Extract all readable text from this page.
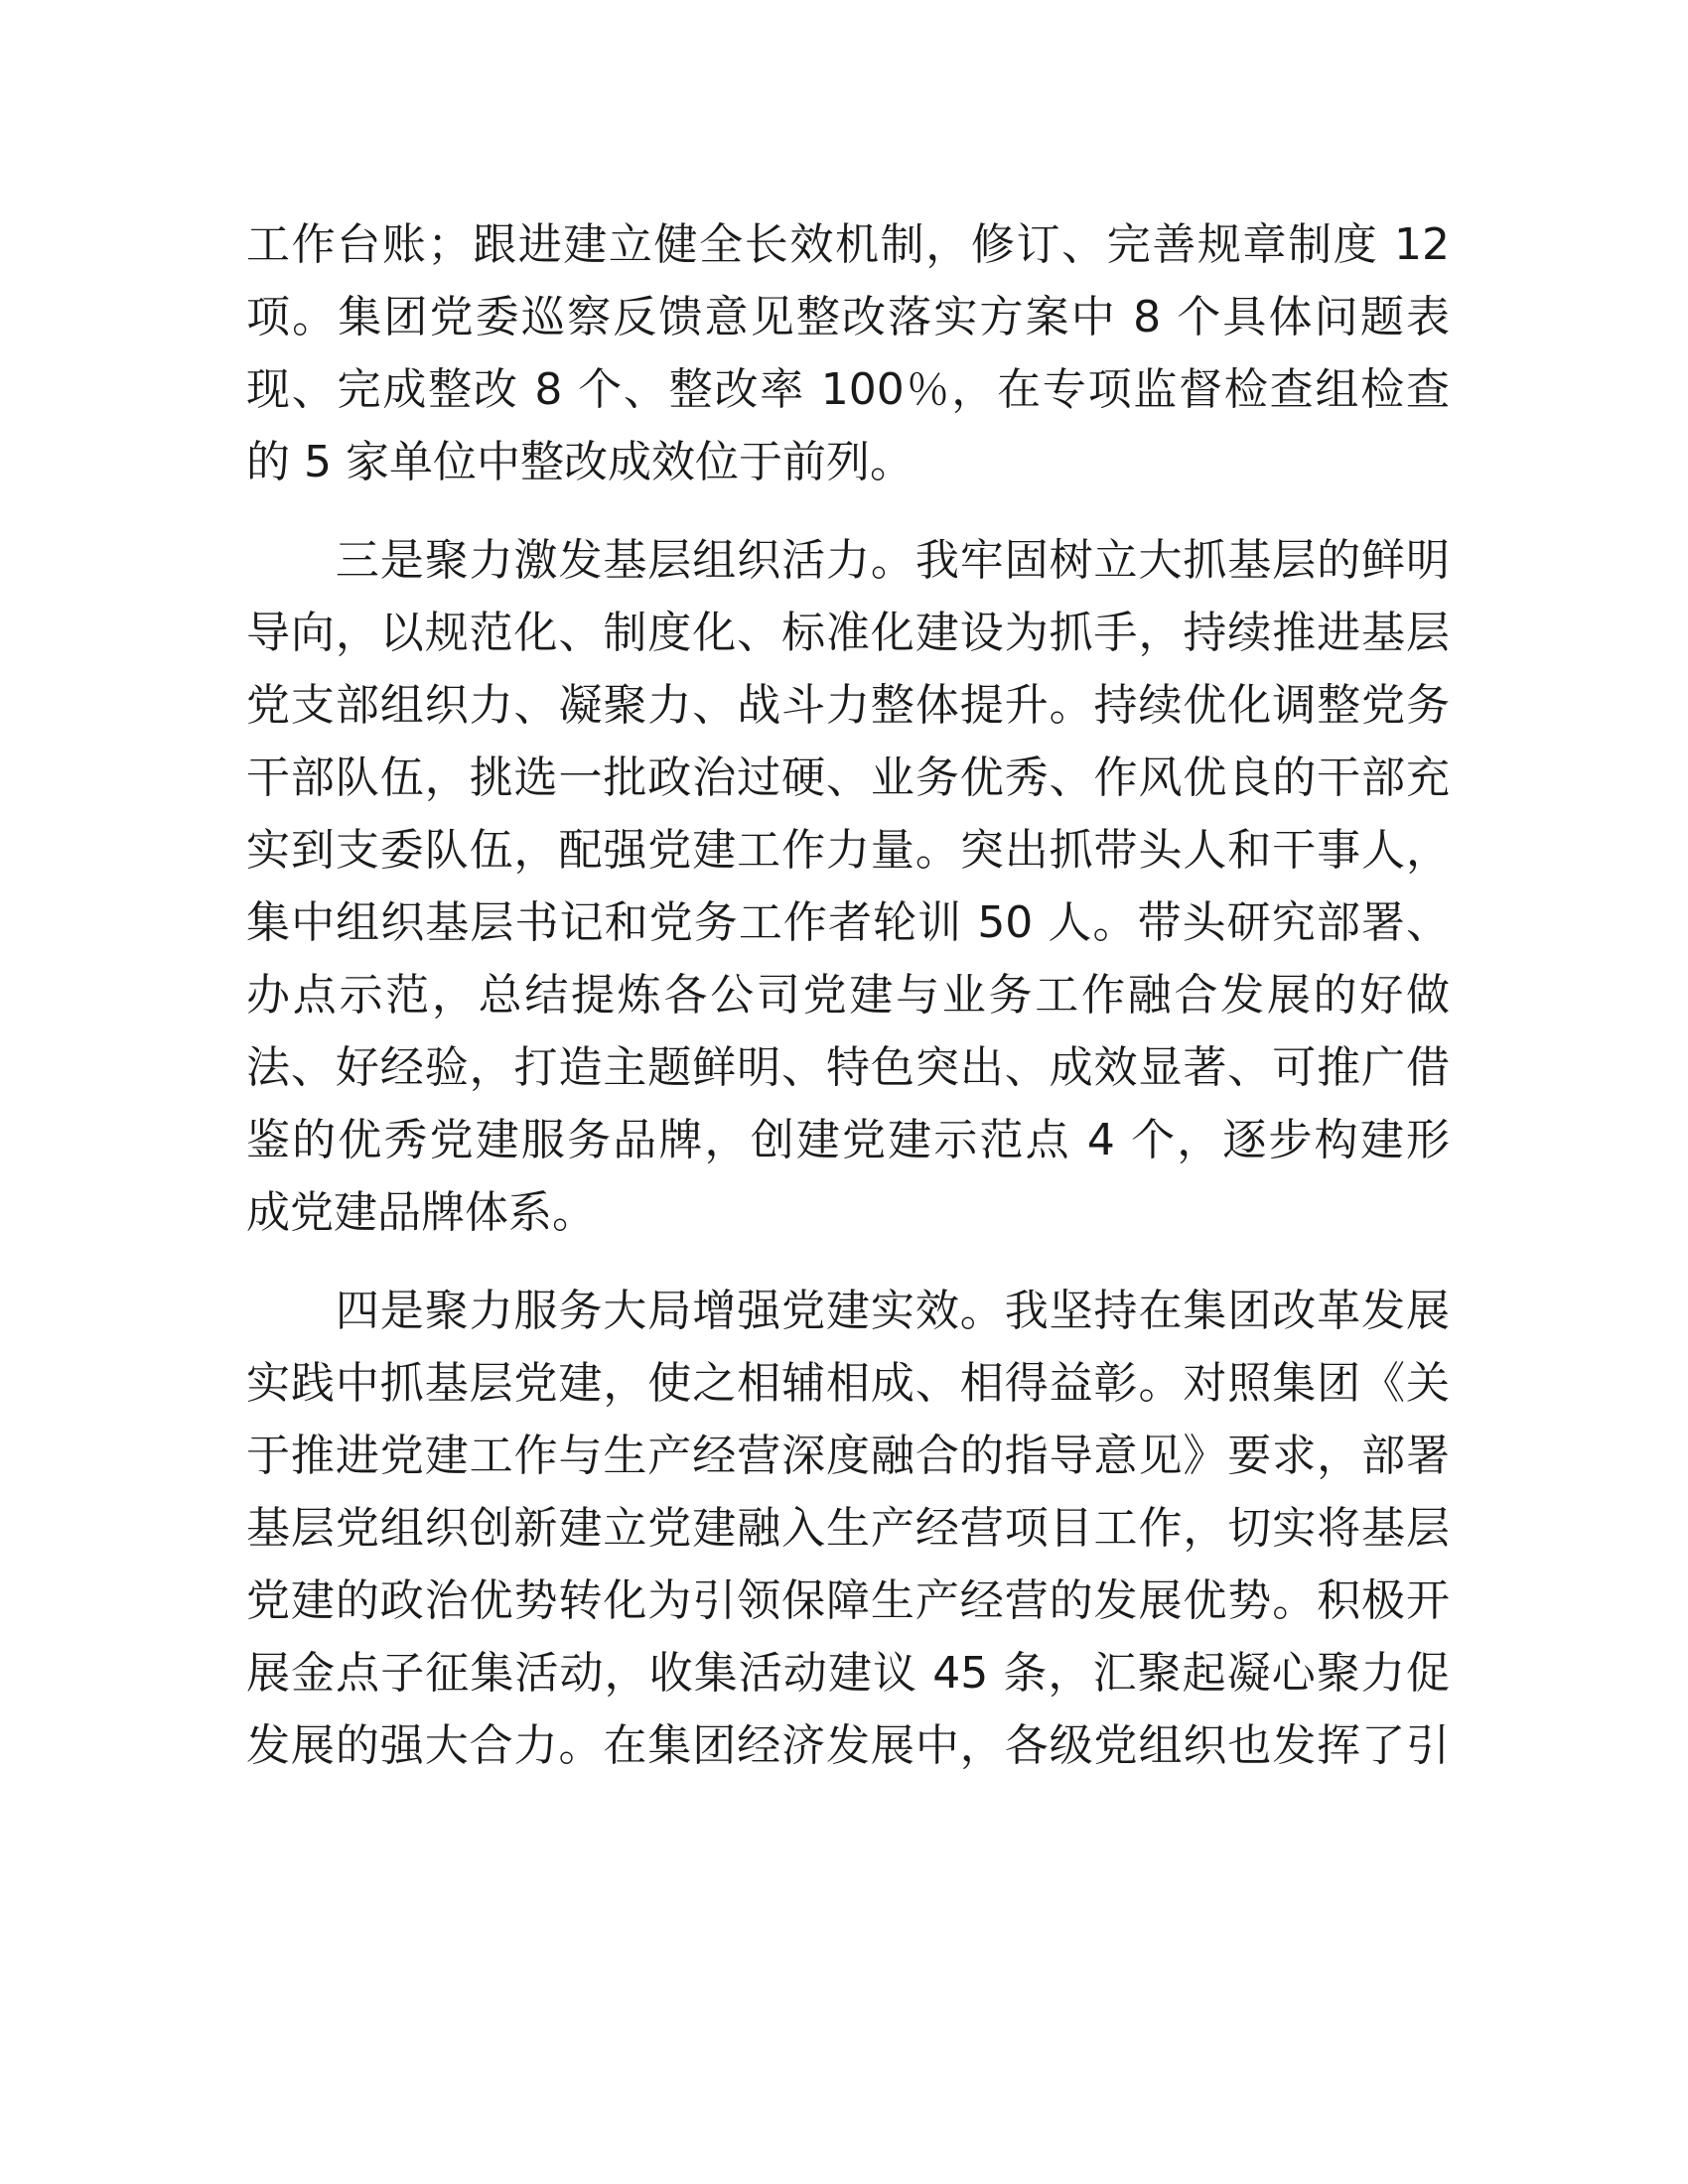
工作台账；跟进建立健全长效机制，修订、完善规章制度 12
项。集团党委巡察反馈意见整改落实方案中 8 个具体问题表
现、完成整改 8 个、整改率 100％，在专项监督检查组检查
的 5 家单位中整改成效位于前列。
　　三是聚力激发基层组织活力。我牢固树立大抓基层的鲜明
导向，以规范化、制度化、标准化建设为抓手，持续推进基层
党支部组织力、凝聚力、战斗力整体提升。持续优化调整党务
干部队伍，挑选一批政治过硬、业务优秀、作风优良的干部充
实到支委队伍，配强党建工作力量。突出抓带头人和干事人，
集中组织基层书记和党务工作者轮训 50 人。带头研究部署、
办点示范，总结提炼各公司党建与业务工作融合发展的好做
法、好经验，打造主题鲜明、特色突出、成效显著、可推广借
鉴的优秀党建服务品牌，创建党建示范点 4 个，逐步构建形
成党建品牌体系。
　　四是聚力服务大局增强党建实效。我坚持在集团改革发展
实践中抓基层党建，使之相辅相成、相得益彰。对照集团《关
于推进党建工作与生产经营深度融合的指导意见》要求，部署
基层党组织创新建立党建融入生产经营项目工作，切实将基层
党建的政治优势转化为引领保障生产经营的发展优势。积极开
展金点子征集活动，收集活动建议 45 条，汇聚起凝心聚力促
发展的强大合力。在集团经济发展中，各级党组织也发挥了引
